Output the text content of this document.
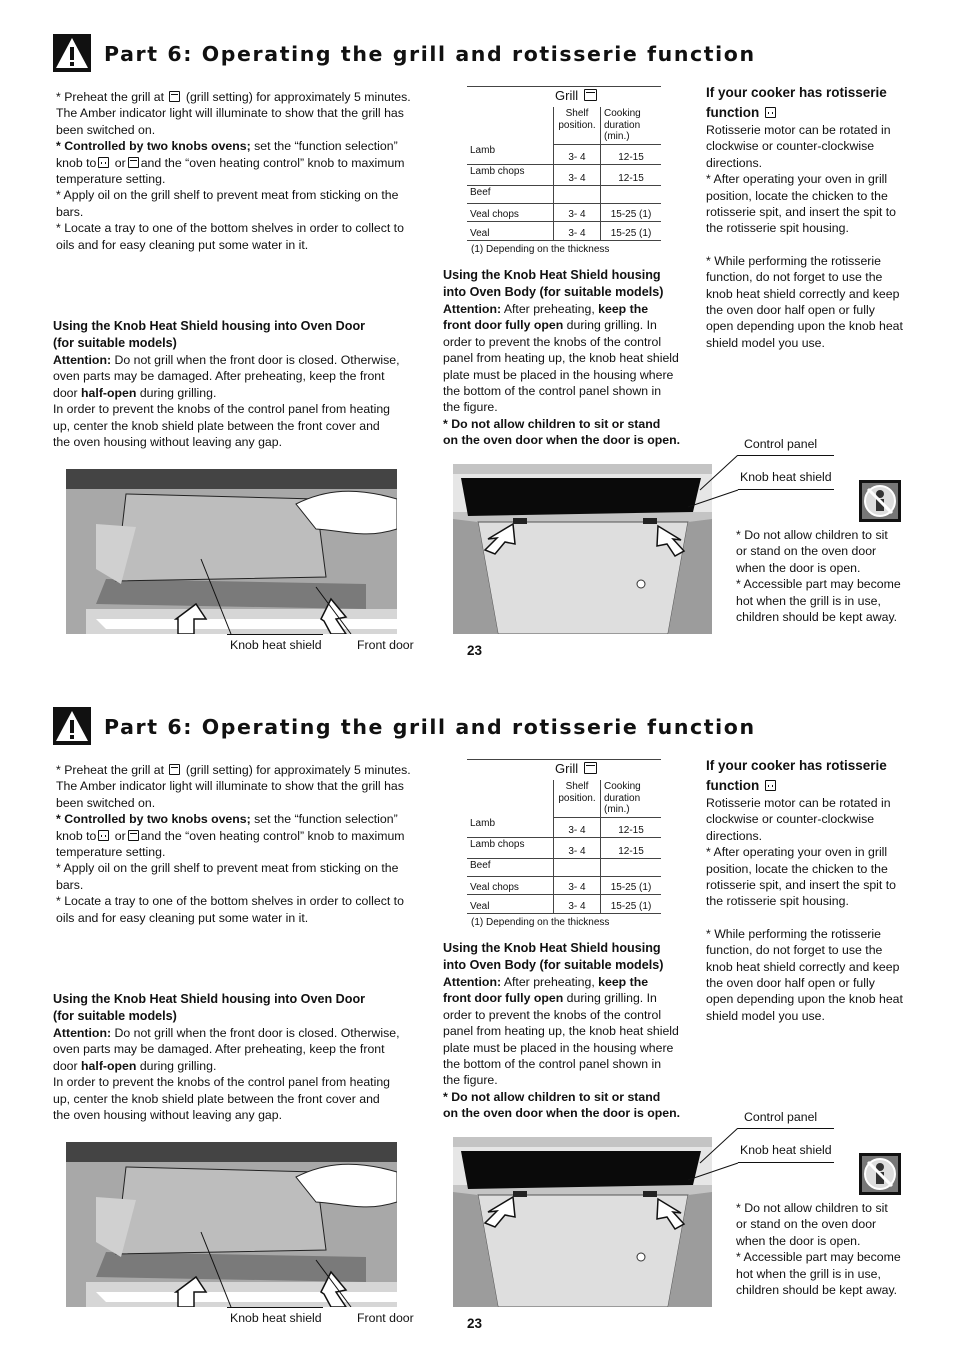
Part 6: Operating the grill and rotisserie function

* Preheat the grill at (grill setting) for approximately 5 minutes.

The Amber indicator light will illuminate to show that the grill has

been switched on.

* Controlled by two knobs ovens; set the “function selection”

knob to or and the “oven heating control” knob to maximum

temperature setting.

* Apply oil on the grill shelf to prevent meat from sticking on the

bars.

* Locate a tray to one of the bottom shelves in order to collect to

oils and for easy cleaning put some water in it.

Using the Knob Heat Shield housing into Oven Door

(for suitable models)

Attention: Do not grill when the front door is closed. Otherwise,

oven parts may be damaged. After preheating, keep the front

door half-open during grilling.

In order to prevent the knobs of the control panel from heating

up, center the knob shield plate between the front cover and

the oven housing without leaving any gap.

Grill
	Shelf
position.	Cooking
duration
(min.)
Lamb	3- 4	12-15
Lamb chops	3- 4	12-15
Beef		
Veal chops	3- 4	15-25 (1)
Veal	3- 4	15-25 (1)
(1) Depending on the thickness

Using the Knob Heat Shield housing

into Oven Body (for suitable models)

Attention: After preheating, keep the

front door fully open during grilling. In

order to prevent the knobs of the control

panel from heating up, the knob heat shield

plate must be placed in the housing where

the bottom of the control panel shown in

the figure.

* Do not allow children to sit or stand

on the oven door when the door is open.

If your cooker has rotisserie

function

Rotisserie motor can be rotated in

clockwise or counter-clockwise

directions.

* After operating your oven in grill

position, locate the chicken to the

rotisserie spit, and insert the spit to

the rotisserie spit housing.

* While performing the rotisserie

function, do not forget to use the

knob heat shield correctly and keep

the oven door half open or fully

open depending upon the knob heat

shield model you use.

Knob heat shield	Front door
Control panel
Knob heat shield

* Do not allow children to sit

or stand on the oven door

when the door is open.

* Accessible part may become

hot when the grill is in use,

children should be kept away.

23
Part 6: Operating the grill and rotisserie function

* Preheat the grill at (grill setting) for approximately 5 minutes.

The Amber indicator light will illuminate to show that the grill has

been switched on.

* Controlled by two knobs ovens; set the “function selection”

knob to or and the “oven heating control” knob to maximum

temperature setting.

* Apply oil on the grill shelf to prevent meat from sticking on the

bars.

* Locate a tray to one of the bottom shelves in order to collect to

oils and for easy cleaning put some water in it.

Using the Knob Heat Shield housing into Oven Door

(for suitable models)

Attention: Do not grill when the front door is closed. Otherwise,

oven parts may be damaged. After preheating, keep the front

door half-open during grilling.

In order to prevent the knobs of the control panel from heating

up, center the knob shield plate between the front cover and

the oven housing without leaving any gap.

Grill
	Shelf
position.	Cooking
duration
(min.)
Lamb	3- 4	12-15
Lamb chops	3- 4	12-15
Beef		
Veal chops	3- 4	15-25 (1)
Veal	3- 4	15-25 (1)
(1) Depending on the thickness

Using the Knob Heat Shield housing

into Oven Body (for suitable models)

Attention: After preheating, keep the

front door fully open during grilling. In

order to prevent the knobs of the control

panel from heating up, the knob heat shield

plate must be placed in the housing where

the bottom of the control panel shown in

the figure.

* Do not allow children to sit or stand

on the oven door when the door is open.

If your cooker has rotisserie

function

Rotisserie motor can be rotated in

clockwise or counter-clockwise

directions.

* After operating your oven in grill

position, locate the chicken to the

rotisserie spit, and insert the spit to

the rotisserie spit housing.

* While performing the rotisserie

function, do not forget to use the

knob heat shield correctly and keep

the oven door half open or fully

open depending upon the knob heat

shield model you use.

Knob heat shield	Front door
Control panel
Knob heat shield

* Do not allow children to sit

or stand on the oven door

when the door is open.

* Accessible part may become

hot when the grill is in use,

children should be kept away.

23
